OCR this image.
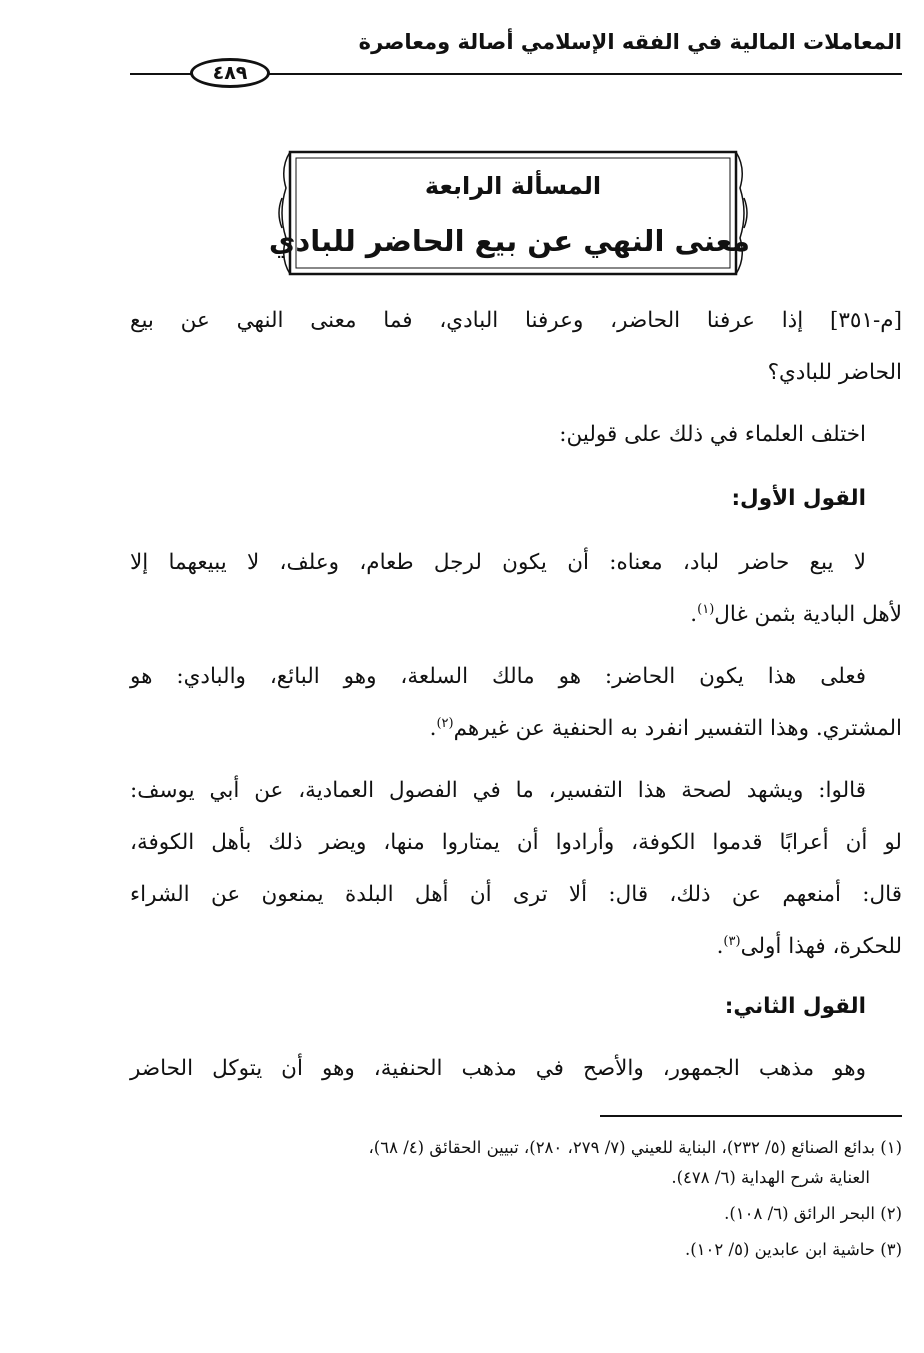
المعاملات المالية في الفقه الإسلامي أصالة ومعاصرة
٤٨٩
المسألة الرابعة
معنى النهي عن بيع الحاضر للبادي
[م-٣٥١] إذا عرفنا الحاضر، وعرفنا البادي، فما معنى النهي عن بيع
الحاضر للبادي؟
اختلف العلماء في ذلك على قولين:
القول الأول:
لا يبع حاضر لباد، معناه: أن يكون لرجل طعام، وعلف، لا يبيعهما إلا
لأهل البادية بثمن غال$^{(١)}$.
فعلى هذا يكون الحاضر: هو مالك السلعة، وهو البائع، والبادي: هو
المشتري. وهذا التفسير انفرد به الحنفية عن غيرهم$^{(٢)}$.
قالوا: ويشهد لصحة هذا التفسير، ما في الفصول العمادية، عن أبي يوسف:
لو أن أعرابًا قدموا الكوفة، وأرادوا أن يمتاروا منها، ويضر ذلك بأهل الكوفة،
قال: أمنعهم عن ذلك، قال: ألا ترى أن أهل البلدة يمنعون عن الشراء
للحكرة، فهذا أولى$^{(٣)}$.
القول الثاني:
وهو مذهب الجمهور، والأصح في مذهب الحنفية، وهو أن يتوكل الحاضر
(١) بدائع الصنائع (٥/ ٢٣٢)، البناية للعيني (٧/ ٢٧٩، ٢٨٠)، تبيين الحقائق (٤/ ٦٨)،
العناية شرح الهداية (٦/ ٤٧٨).
(٢) البحر الرائق (٦/ ١٠٨).
(٣) حاشية ابن عابدين (٥/ ١٠٢).
